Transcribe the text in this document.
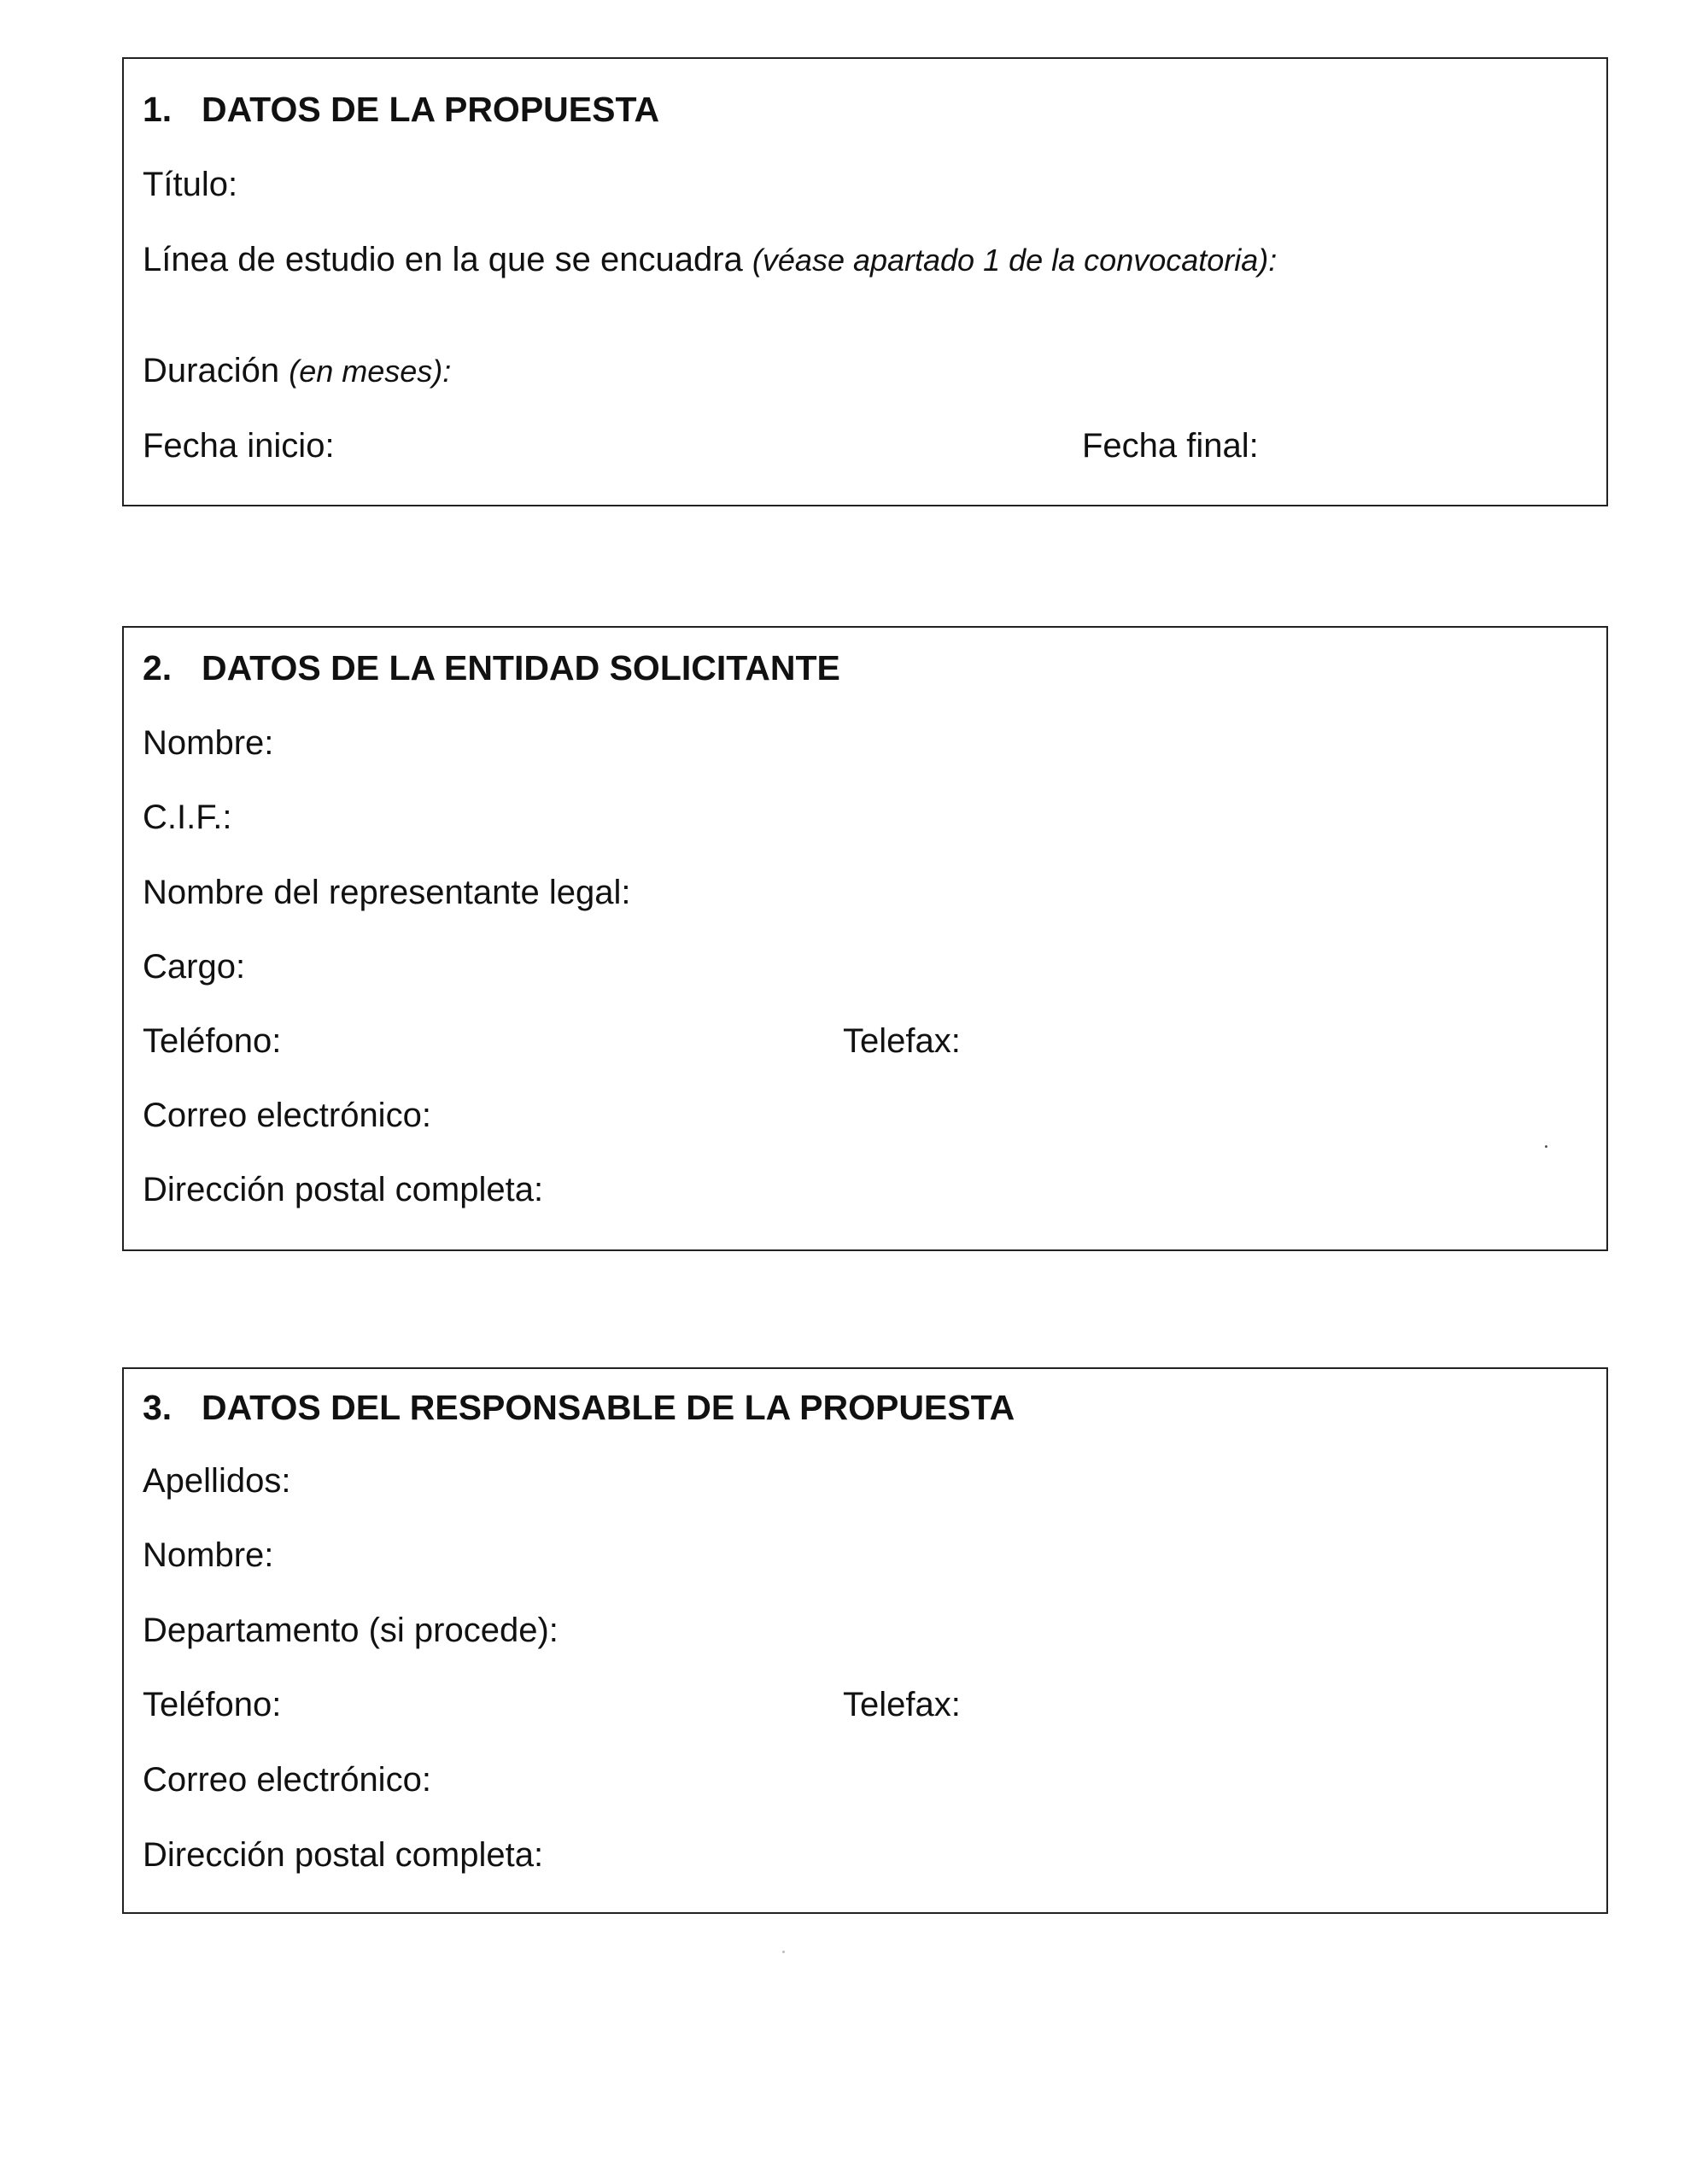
1. DATOS DE LA PROPUESTA
Título:
Línea de estudio en la que se encuadra (véase apartado 1 de la convocatoria):
Duración (en meses):
Fecha inicio:	Fecha final:
2. DATOS DE LA ENTIDAD SOLICITANTE
Nombre:
C.I.F.:
Nombre del representante legal:
Cargo:
Teléfono:	Telefax:
Correo electrónico:
Dirección postal completa:
3. DATOS DEL RESPONSABLE DE LA PROPUESTA
Apellidos:
Nombre:
Departamento (si procede):
Teléfono:	Telefax:
Correo electrónico:
Dirección postal completa:
